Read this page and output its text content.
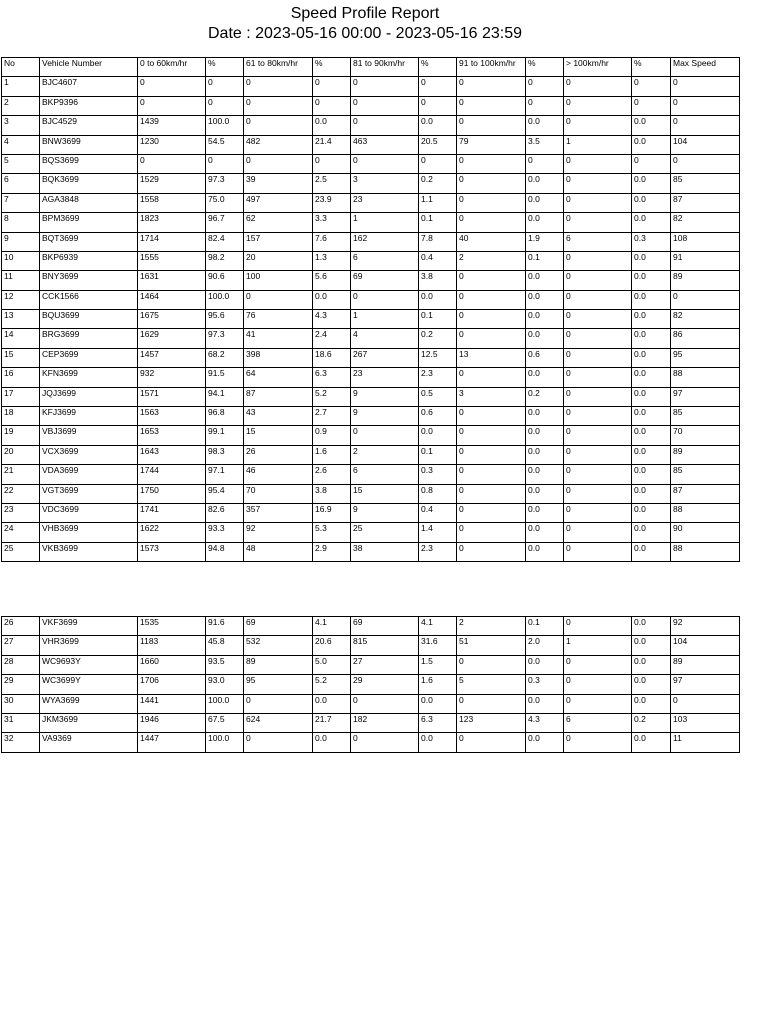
Speed Profile Report
Date : 2023-05-16 00:00 - 2023-05-16 23:59
No	Vehicle Number	0 to 60km/hr	%	61 to 80km/hr	%	81 to 90km/hr	%	91 to 100km/hr	%	> 100km/hr	%	Max Speed
1	BJC4607	0	0	0	0	0	0	0	0	0	0	0
2	BKP9396	0	0	0	0	0	0	0	0	0	0	0
3	BJC4529	1439	100.0	0	0.0	0	0.0	0	0.0	0	0.0	0
4	BNW3699	1230	54.5	482	21.4	463	20.5	79	3.5	1	0.0	104
5	BQS3699	0	0	0	0	0	0	0	0	0	0	0
6	BQK3699	1529	97.3	39	2.5	3	0.2	0	0.0	0	0.0	85
7	AGA3848	1558	75.0	497	23.9	23	1.1	0	0.0	0	0.0	87
8	BPM3699	1823	96.7	62	3.3	1	0.1	0	0.0	0	0.0	82
9	BQT3699	1714	82.4	157	7.6	162	7.8	40	1.9	6	0.3	108
10	BKP6939	1555	98.2	20	1.3	6	0.4	2	0.1	0	0.0	91
11	BNY3699	1631	90.6	100	5.6	69	3.8	0	0.0	0	0.0	89
12	CCK1566	1464	100.0	0	0.0	0	0.0	0	0.0	0	0.0	0
13	BQU3699	1675	95.6	76	4.3	1	0.1	0	0.0	0	0.0	82
14	BRG3699	1629	97.3	41	2.4	4	0.2	0	0.0	0	0.0	86
15	CEP3699	1457	68.2	398	18.6	267	12.5	13	0.6	0	0.0	95
16	KFN3699	932	91.5	64	6.3	23	2.3	0	0.0	0	0.0	88
17	JQJ3699	1571	94.1	87	5.2	9	0.5	3	0.2	0	0.0	97
18	KFJ3699	1563	96.8	43	2.7	9	0.6	0	0.0	0	0.0	85
19	VBJ3699	1653	99.1	15	0.9	0	0.0	0	0.0	0	0.0	70
20	VCX3699	1643	98.3	26	1.6	2	0.1	0	0.0	0	0.0	89
21	VDA3699	1744	97.1	46	2.6	6	0.3	0	0.0	0	0.0	85
22	VGT3699	1750	95.4	70	3.8	15	0.8	0	0.0	0	0.0	87
23	VDC3699	1741	82.6	357	16.9	9	0.4	0	0.0	0	0.0	88
24	VHB3699	1622	93.3	92	5.3	25	1.4	0	0.0	0	0.0	90
25	VKB3699	1573	94.8	48	2.9	38	2.3	0	0.0	0	0.0	88
26	VKF3699	1535	91.6	69	4.1	69	4.1	2	0.1	0	0.0	92
27	VHR3699	1183	45.8	532	20.6	815	31.6	51	2.0	1	0.0	104
28	WC9693Y	1660	93.5	89	5.0	27	1.5	0	0.0	0	0.0	89
29	WC3699Y	1706	93.0	95	5.2	29	1.6	5	0.3	0	0.0	97
30	WYA3699	1441	100.0	0	0.0	0	0.0	0	0.0	0	0.0	0
31	JKM3699	1946	67.5	624	21.7	182	6.3	123	4.3	6	0.2	103
32	VA9369	1447	100.0	0	0.0	0	0.0	0	0.0	0	0.0	11
